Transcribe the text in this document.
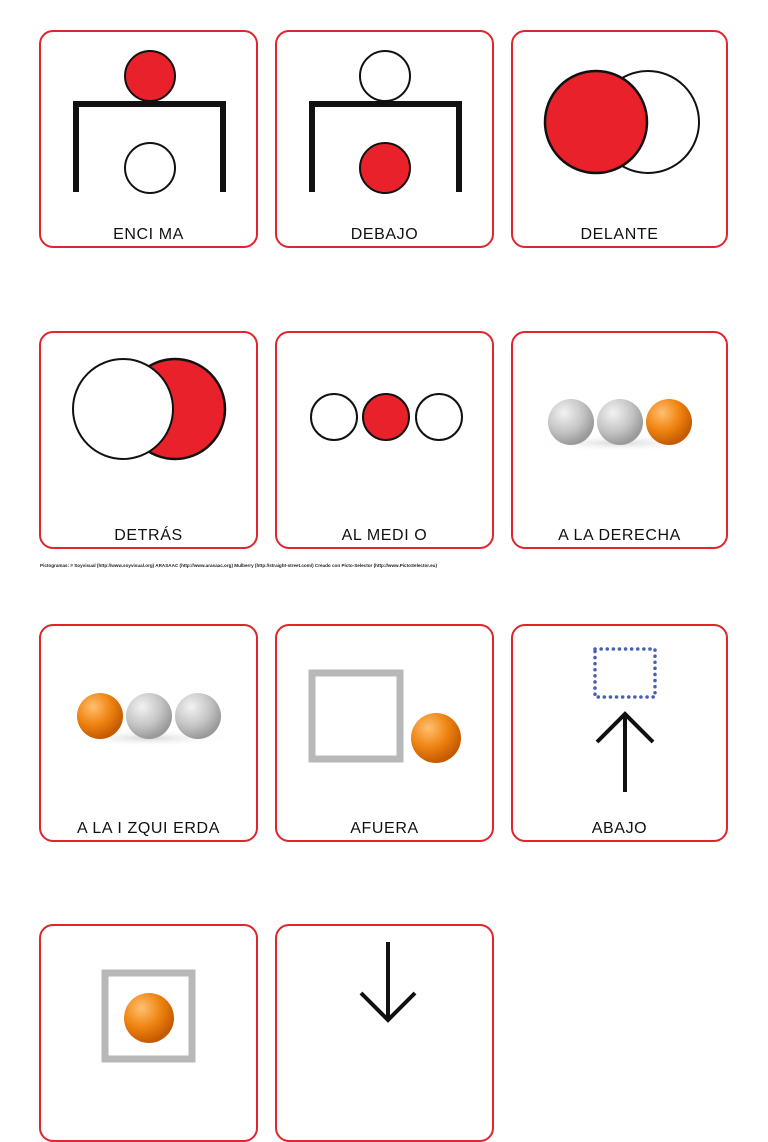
ENCI MA	DEBAJO	DELANTE
DETRÁS	AL MEDI O	A LA DERECHA
Pictogramas: # Soyvisual (http://www.soyvisual.org) ARASAAC (http://www.arasaac.org) Mulberry (http://straight-street.com/) Creado con Picto-Selector (http://www.PictoSelector.eu)
A LA I ZQUI ERDA	AFUERA	ABAJO
